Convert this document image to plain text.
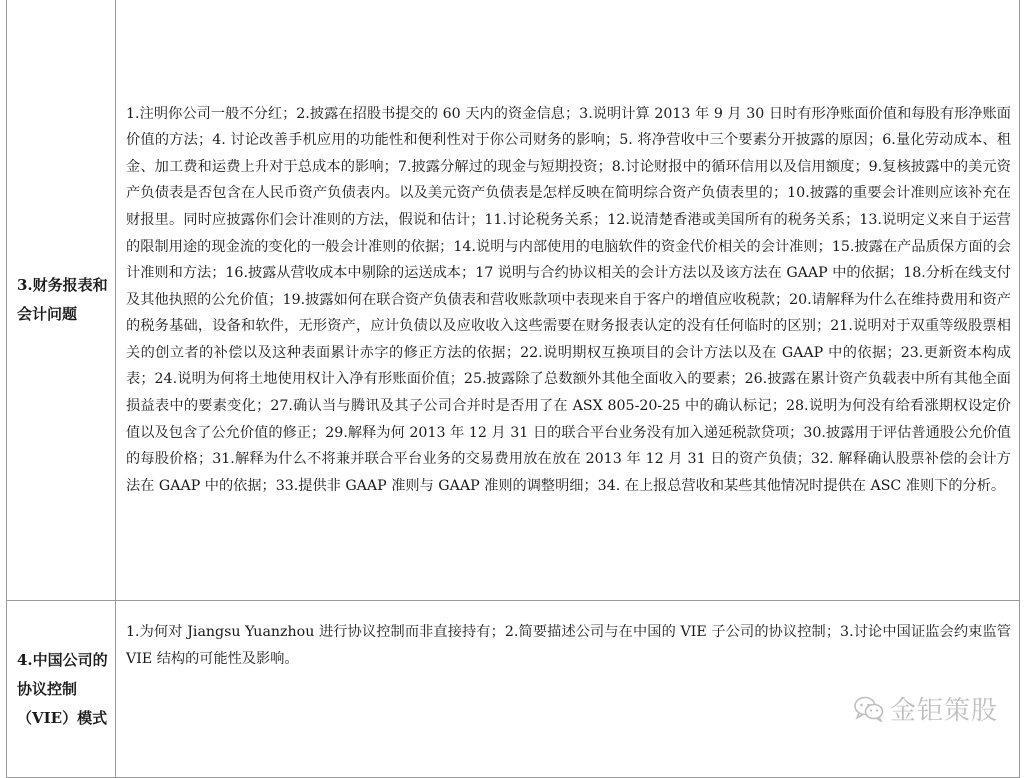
3.财务报表和会计问题	1.注明你公司一般不分红；2.披露在招股书提交的 60 天内的资金信息；3.说明计算 2013 年 9 月 30 日时有形净账面价值和每股有形净账面价值的方法；4. 讨论改善手机应用的功能性和便利性对于你公司财务的影响；5. 将净营收中三个要素分开披露的原因；6.量化劳动成本、租金、加工费和运费上升对于总成本的影响；7.披露分解过的现金与短期投资；8.讨论财报中的循环信用以及信用额度；9.复核披露中的美元资产负债表是否包含在人民币资产负债表内。以及美元资产负债表是怎样反映在简明综合资产负债表里的；10.披露的重要会计准则应该补充在财报里。同时应披露你们会计准则的方法，假说和估计；11.讨论税务关系；12.说清楚香港或美国所有的税务关系；13.说明定义来自于运营的限制用途的现金流的变化的一般会计准则的依据；14.说明与内部使用的电脑软件的资金代价相关的会计准则；15.披露在产品质保方面的会计准则和方法；16.披露从营收成本中剔除的运送成本；17 说明与合约协议相关的会计方法以及该方法在 GAAP 中的依据；18.分析在线支付及其他执照的公允价值；19.披露如何在联合资产负债表和营收账款项中表现来自于客户的增值应收税款；20.请解释为什么在维持费用和资产的税务基础，设备和软件，无形资产，应计负债以及应收收入这些需要在财务报表认定的没有任何临时的区别；21.说明对于双重等级股票相关的创立者的补偿以及这种表面累计赤字的修正方法的依据；22.说明期权互换项目的会计方法以及在 GAAP 中的依据；23.更新资本构成表；24.说明为何将土地使用权计入净有形账面价值；25.披露除了总数额外其他全面收入的要素；26.披露在累计资产负载表中所有其他全面损益表中的要素变化；27.确认当与腾讯及其子公司合并时是否用了在 ASX 805-20-25 中的确认标记；28.说明为何没有给看涨期权设定价值以及包含了公允价值的修正；29.解释为何 2013 年 12 月 31 日的联合平台业务没有加入递延税款贷项；30.披露用于评估普通股公允价值的每股价格；31.解释为什么不将兼并联合平台业务的交易费用放在放在 2013 年 12 月 31 日的资产负债；32. 解释确认股票补偿的会计方法在 GAAP 中的依据；33.提供非 GAAP 准则与 GAAP 准则的调整明细；34. 在上报总营收和某些其他情况时提供在 ASC 准则下的分析。

4.中国公司的协议控制（VIE）模式	1.为何对 Jiangsu Yuanzhou 进行协议控制而非直接持有；2.简要描述公司与在中国的 VIE 子公司的协议控制；3.讨论中国证监会约束监管 VIE 结构的可能性及影响。
金钜策股
